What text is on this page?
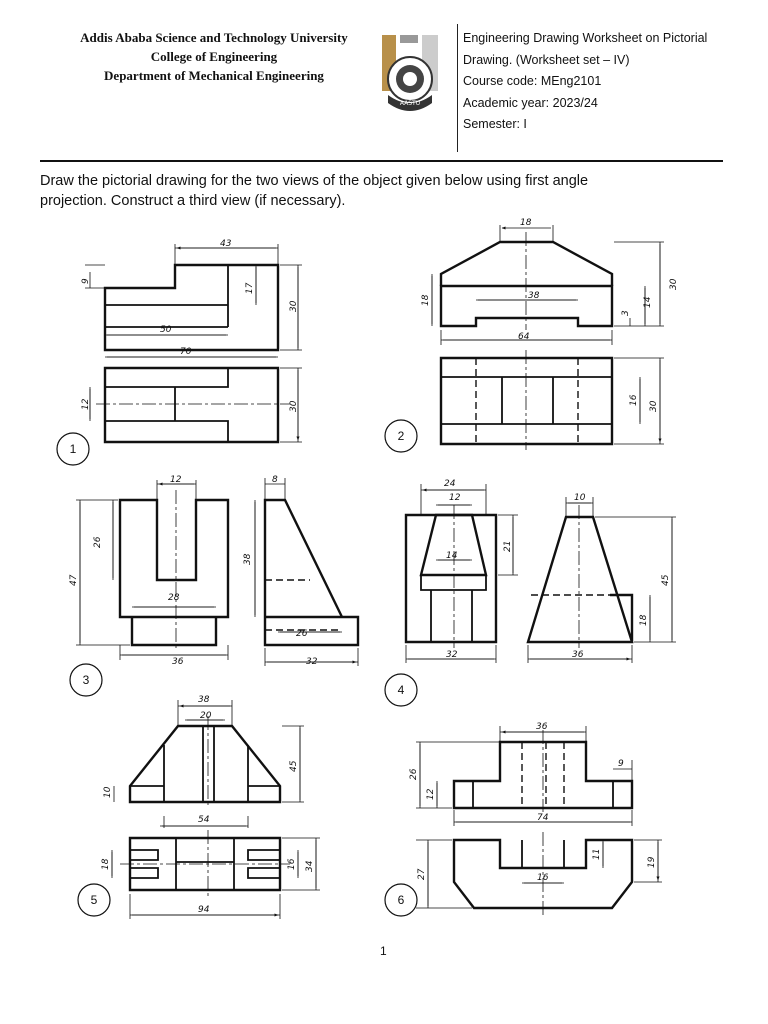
Addis Ababa Science and Technology University
College of Engineering
Department of Mechanical Engineering
AASTU
Engineering Drawing Worksheet on Pictorial
Drawing. (Worksheet set – IV)
Course code: MEng2101
Academic year: 2023/24
Semester: I
Draw the pictorial drawing for the two views of the object given below using first angle
projection. Construct a third view (if necessary).
43
9
17
30
50
70
12	30
18
18
30
38
3
14
64
16
30
12	8
26
47
38
28
26
36	32
24
12	10
21
14
45
18
32	36
38
20
45
10
54
18	16 34
94
36
9
26
12
74
11
27	16
19
1
2
3
4
5	6
1
